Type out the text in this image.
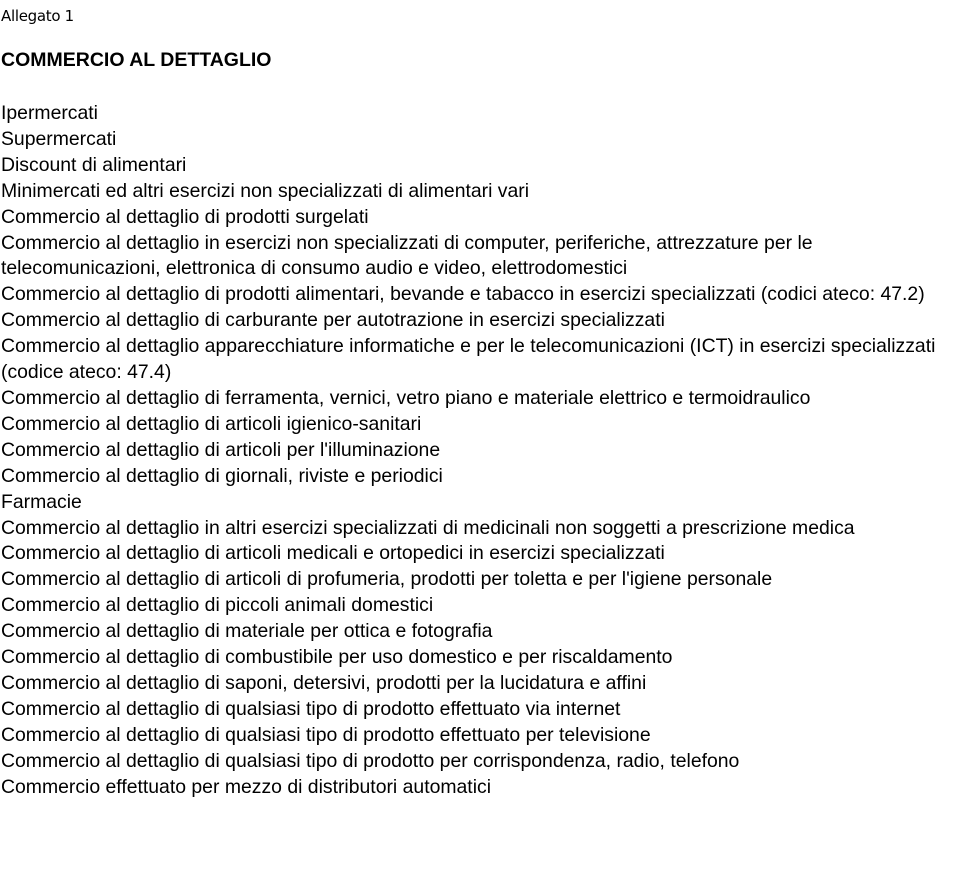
Allegato 1

COMMERCIO AL DETTAGLIO
Ipermercati
Supermercati
Discount di alimentari
Minimercati ed altri esercizi non specializzati di alimentari vari
Commercio al dettaglio di prodotti surgelati
Commercio al dettaglio in esercizi non specializzati di computer, periferiche, attrezzature per le telecomunicazioni, elettronica di consumo audio e video, elettrodomestici
Commercio al dettaglio di prodotti alimentari, bevande e tabacco in esercizi specializzati (codici ateco: 47.2)
Commercio al dettaglio di carburante per autotrazione in esercizi specializzati
Commercio al dettaglio apparecchiature informatiche e per le telecomunicazioni (ICT) in esercizi specializzati (codice ateco: 47.4)
Commercio al dettaglio di ferramenta, vernici, vetro piano e materiale elettrico e termoidraulico
Commercio al dettaglio di articoli igienico-sanitari
Commercio al dettaglio di articoli per l'illuminazione
Commercio al dettaglio di giornali, riviste e periodici
Farmacie
Commercio al dettaglio in altri esercizi specializzati di medicinali non soggetti a prescrizione medica
Commercio al dettaglio di articoli medicali e ortopedici in esercizi specializzati
Commercio al dettaglio di articoli di profumeria, prodotti per toletta e per l'igiene personale
Commercio al dettaglio di piccoli animali domestici
Commercio al dettaglio di materiale per ottica e fotografia
Commercio al dettaglio di combustibile per uso domestico e per riscaldamento
Commercio al dettaglio di saponi, detersivi, prodotti per la lucidatura e affini
Commercio al dettaglio di qualsiasi tipo di prodotto effettuato via internet
Commercio al dettaglio di qualsiasi tipo di prodotto effettuato per televisione
Commercio al dettaglio di qualsiasi tipo di prodotto per corrispondenza, radio, telefono
Commercio effettuato per mezzo di distributori automatici
